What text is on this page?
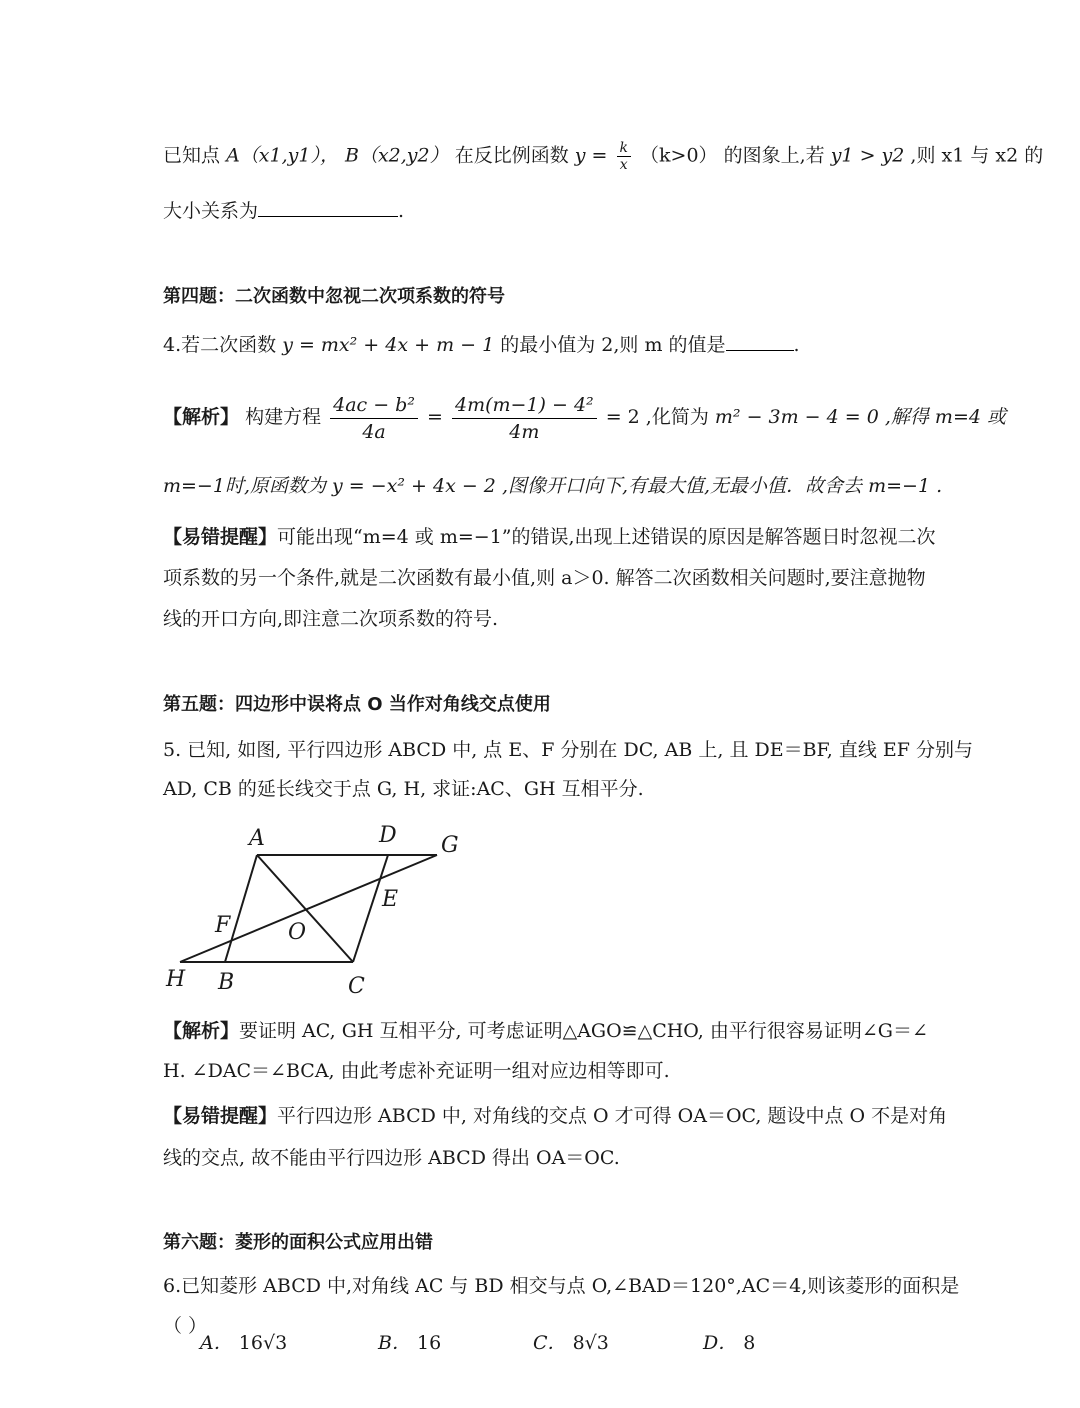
已知点 A（x1,y1）， B（x2,y2） 在反比例函数 $y = \frac{k}{x} (k>0)$ 的图象上,若 y1 > y2 ,则 x1 与 x2 的
大小关系为	.
第四题：二次函数中忽视二次项系数的符号
4.若二次函数 y = mx² + 4x + m − 1 的最小值为 2,则 m 的值是	.
【解析】 构建方程 $\frac{\text{4ac − b²}}{4a} = \frac{\text{4m(m−1) − 4²}}{4m} = 2$ ,化简为 m² − 3m − 4 = 0 ,解得 m=4 或
m=−1时,原函数为 y = −x² + 4x − 2 ,图像开口向下,有最大值,无最小值．故舍去 m=−1 .
【易错提醒】可能出现“m=4 或 m=−1”的错误,出现上述错误的原因是解答题日时忽视二次
项系数的另一个条件,就是二次函数有最小值,则 a＞0. 解答二次函数相关问题时,要注意抛物
线的开口方向,即注意二次项系数的符号.
第五题：四边形中误将点 O 当作对角线交点使用
5. 已知, 如图, 平行四边形 ABCD 中, 点 E、F 分别在 DC, AB 上, 且 DE＝BF, 直线 EF 分别与
AD, CB 的延长线交于点 G, H, 求证:AC、GH 互相平分.
A	D G
E
F	O
H B	C
【解析】要证明 AC, GH 互相平分, 可考虑证明△AGO≌△CHO, 由平行很容易证明∠G＝∠
H. ∠DAC＝∠BCA, 由此考虑补充证明一组对应边相等即可.
【易错提醒】平行四边形 ABCD 中, 对角线的交点 O 才可得 OA＝OC, 题设中点 O 不是对角
线的交点, 故不能由平行四边形 ABCD 得出 OA＝OC.
第六题：菱形的面积公式应用出错
6.已知菱形 ABCD 中,对角线 AC 与 BD 相交与点 O,∠BAD＝120°,AC＝4,则该菱形的面积是
（ ）
A． 16√3	B． 16	C． 8√3	D． 8
